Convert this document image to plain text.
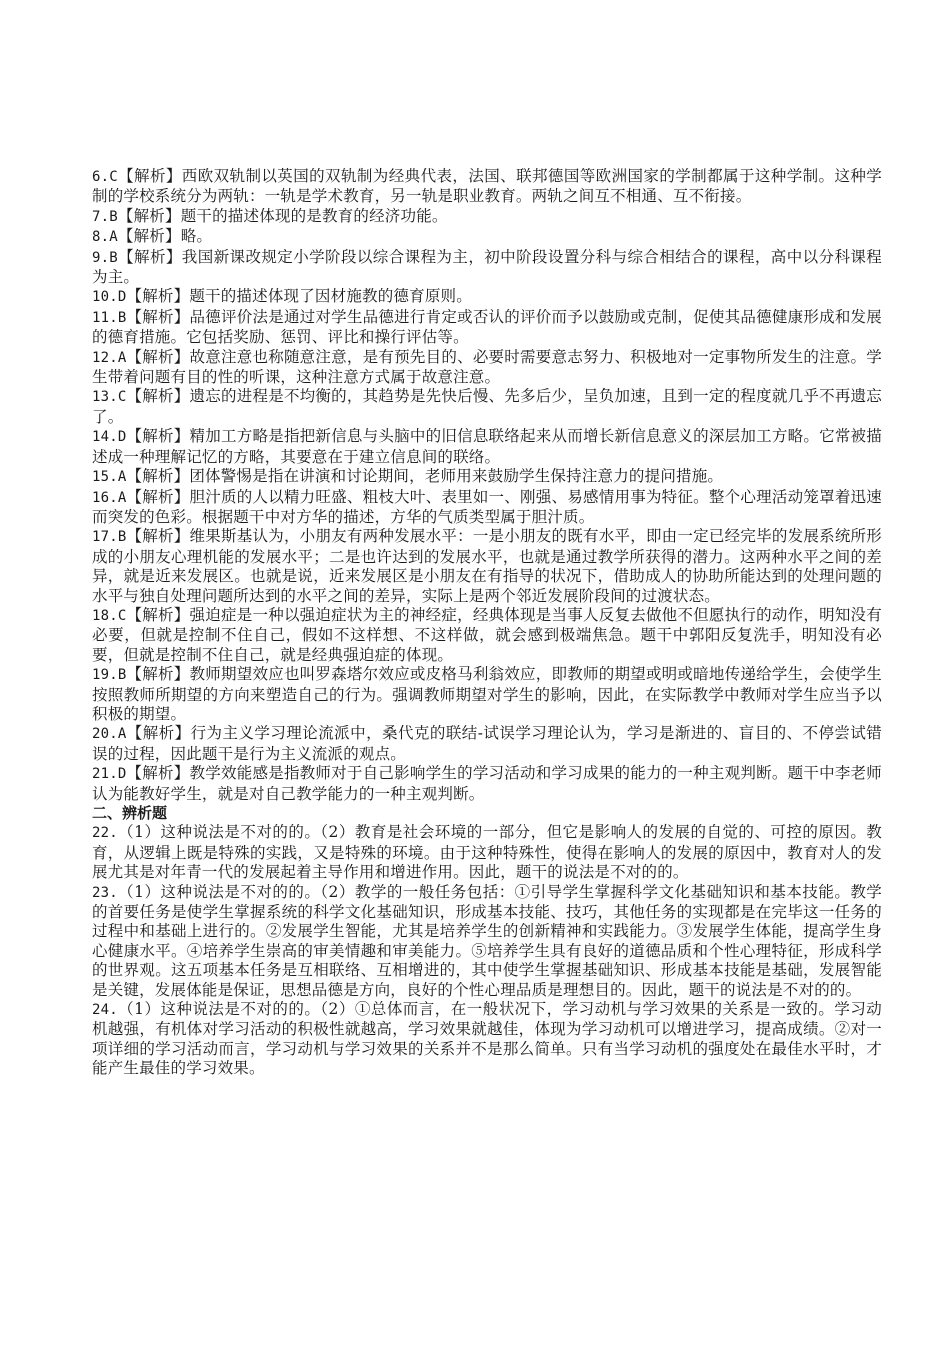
6.C【解析】西欧双轨制以英国的双轨制为经典代表，法国、联邦德国等欧洲国家的学制都属于这种学制。这种学制的学校系统分为两轨：一轨是学术教育，另一轨是职业教育。两轨之间互不相通、互不衔接。

7.B【解析】题干的描述体现的是教育的经济功能。

8.A【解析】略。

9.B【解析】我国新课改规定小学阶段以综合课程为主，初中阶段设置分科与综合相结合的课程，高中以分科课程为主。

10.D【解析】题干的描述体现了因材施教的德育原则。

11.B【解析】品德评价法是通过对学生品德进行肯定或否认的评价而予以鼓励或克制，促使其品德健康形成和发展的德育措施。它包括奖励、惩罚、评比和操行评估等。

12.A【解析】故意注意也称随意注意，是有预先目的、必要时需要意志努力、积极地对一定事物所发生的注意。学生带着问题有目的性的听课，这种注意方式属于故意注意。

13.C【解析】遗忘的进程是不均衡的，其趋势是先快后慢、先多后少，呈负加速，且到一定的程度就几乎不再遗忘了。

14.D【解析】精加工方略是指把新信息与头脑中的旧信息联络起来从而增长新信息意义的深层加工方略。它常被描述成一种理解记忆的方略，其要意在于建立信息间的联络。

15.A【解析】团体警惕是指在讲演和讨论期间，老师用来鼓励学生保持注意力的提问措施。

16.A【解析】胆汁质的人以精力旺盛、粗枝大叶、表里如一、刚强、易感情用事为特征。整个心理活动笼罩着迅速而突发的色彩。根据题干中对方华的描述，方华的气质类型属于胆汁质。

17.B【解析】维果斯基认为，小朋友有两种发展水平：一是小朋友的既有水平，即由一定已经完毕的发展系统所形成的小朋友心理机能的发展水平；二是也许达到的发展水平，也就是通过教学所获得的潜力。这两种水平之间的差异，就是近来发展区。也就是说，近来发展区是小朋友在有指导的状况下，借助成人的协助所能达到的处理问题的水平与独自处理问题所达到的水平之间的差异，实际上是两个邻近发展阶段间的过渡状态。

18.C【解析】强迫症是一种以强迫症状为主的神经症，经典体现是当事人反复去做他不但愿执行的动作，明知没有必要，但就是控制不住自己，假如不这样想、不这样做，就会感到极端焦急。题干中郭阳反复洗手，明知没有必要，但就是控制不住自己，就是经典强迫症的体现。

19.B【解析】教师期望效应也叫罗森塔尔效应或皮格马利翁效应，即教师的期望或明或暗地传递给学生，会使学生按照教师所期望的方向来塑造自己的行为。强调教师期望对学生的影响，因此，在实际教学中教师对学生应当予以积极的期望。

20.A【解析】行为主义学习理论流派中，桑代克的联结-试误学习理论认为，学习是渐进的、盲目的、不停尝试错误的过程，因此题干是行为主义流派的观点。

21.D【解析】教学效能感是指教师对于自己影响学生的学习活动和学习成果的能力的一种主观判断。题干中李老师认为能教好学生，就是对自己教学能力的一种主观判断。

二、辨析题

22.（1）这种说法是不对的的。（2）教育是社会环境的一部分，但它是影响人的发展的自觉的、可控的原因。教育，从逻辑上既是特殊的实践，又是特殊的环境。由于这种特殊性，使得在影响人的发展的原因中，教育对人的发展尤其是对年青一代的发展起着主导作用和增进作用。因此，题干的说法是不对的的。

23.（1）这种说法是不对的的。（2）教学的一般任务包括：①引导学生掌握科学文化基础知识和基本技能。教学的首要任务是使学生掌握系统的科学文化基础知识，形成基本技能、技巧，其他任务的实现都是在完毕这一任务的过程中和基础上进行的。②发展学生智能，尤其是培养学生的创新精神和实践能力。③发展学生体能，提高学生身心健康水平。④培养学生崇高的审美情趣和审美能力。⑤培养学生具有良好的道德品质和个性心理特征，形成科学的世界观。这五项基本任务是互相联络、互相增进的，其中使学生掌握基础知识、形成基本技能是基础，发展智能是关键，发展体能是保证，思想品德是方向，良好的个性心理品质是理想目的。因此，题干的说法是不对的的。

24.（1）这种说法是不对的的。（2）①总体而言，在一般状况下，学习动机与学习效果的关系是一致的。学习动机越强，有机体对学习活动的积极性就越高，学习效果就越佳，体现为学习动机可以增进学习，提高成绩。②对一项详细的学习活动而言，学习动机与学习效果的关系并不是那么简单。只有当学习动机的强度处在最佳水平时，才能产生最佳的学习效果。
